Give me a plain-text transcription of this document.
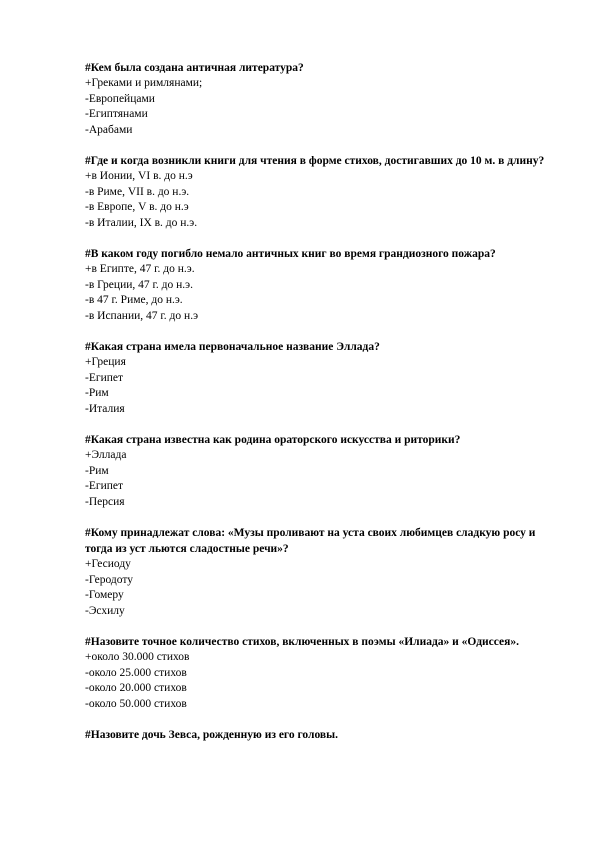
#Кем была создана античная литература?

+Греками и римлянами;

-Европейцами

-Египтянами

-Арабами

#Где и когда возникли книги для чтения в форме стихов, достигавших до 10 м. в длину?

+в Ионии, VI в. до н.э

-в Риме, VII в. до н.э.

-в Европе, V в. до н.э

-в Италии, IX в. до н.э.

#В каком году погибло немало античных книг во время грандиозного пожара?

+в Египте, 47 г. до н.э.

-в Греции, 47 г. до н.э.

-в 47 г. Риме, до н.э.

-в Испании, 47 г. до н.э

#Какая страна имела первоначальное название Эллада?

+Греция

-Египет

-Рим

-Италия

#Какая страна известна как родина ораторского искусства и риторики?

+Эллада

-Рим

-Египет

-Персия

#Кому принадлежат слова: «Музы проливают на уста своих любимцев сладкую росу и тогда из уст льются сладостные речи»?

+Гесиоду

-Геродоту

-Гомеру

-Эсхилу

#Назовите точное количество стихов, включенных в поэмы «Илиада» и «Одиссея».

+около 30.000 стихов

-около 25.000 стихов

-около 20.000 стихов

-около 50.000 стихов

#Назовите дочь Зевса, рожденную из его головы.
